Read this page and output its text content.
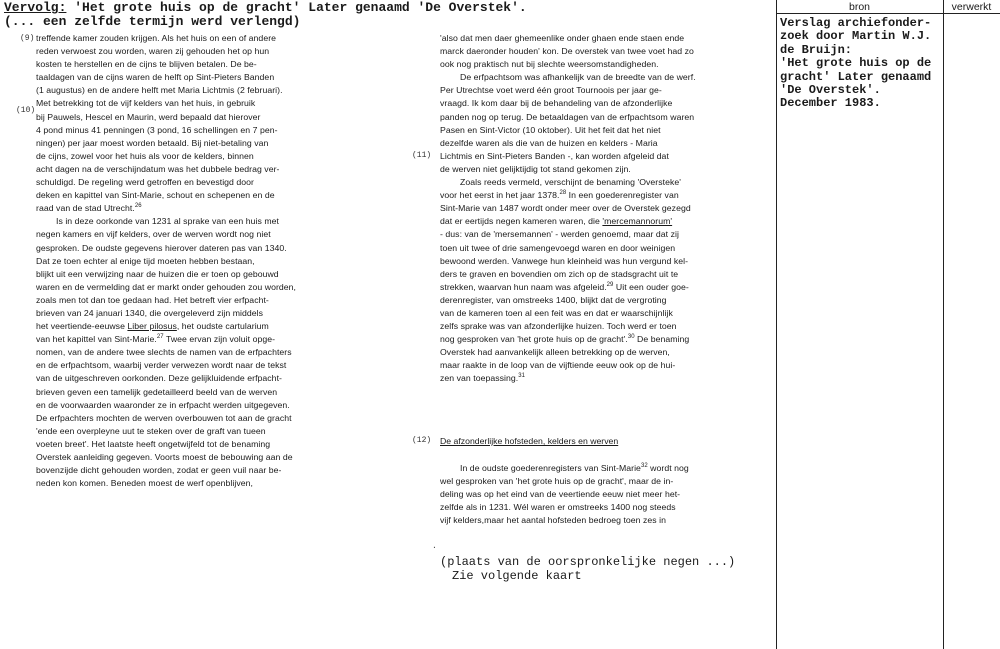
Vervolg: 'Het grote huis op de gracht' Later genaamd 'De Overstek'.
(... een zelfde termijn werd verlengd)
(9)
(10)
(11)
(12)
treffende kamer zouden krijgen. Als het huis on een of andere
reden verwoest zou worden, waren zij gehouden het op hun
kosten te herstellen en de cijns te blijven betalen. De be-
taaldagen van de cijns waren de helft op Sint-Pieters Banden
(1 augustus) en de andere helft met Maria Lichtmis (2 februari).
Met betrekking tot de vijf kelders van het huis, in gebruik
bij Pauwels, Hescel en Maurin, werd bepaald dat hierover
4 pond minus 41 penningen (3 pond, 16 schellingen en 7 pen-
ningen) per jaar moest worden betaald. Bij niet-betaling van
de cijns, zowel voor het huis als voor de kelders, binnen
acht dagen na de verschijndatum was het dubbele bedrag ver-
schuldigd. De regeling werd getroffen en bevestigd door
deken en kapittel van Sint-Marie, schout en schepenen en de
raad van de stad Utrecht.$^{26}$
Is in deze oorkonde van 1231 al sprake van een huis met
negen kamers en vijf kelders, over de werven wordt nog niet
gesproken. De oudste gegevens hierover dateren pas van 1340.
Dat ze toen echter al enige tijd moeten hebben bestaan,
blijkt uit een verwijzing naar de huizen die er toen op gebouwd
waren en de vermelding dat er markt onder gehouden zou worden,
zoals men tot dan toe gedaan had. Het betreft vier erfpacht-
brieven van 24 januari 1340, die overgeleverd zijn middels
het veertiende-eeuwse Liber pilosus, het oudste cartularium
van het kapittel van Sint-Marie.$^{27}$ Twee ervan zijn voluit opge-
nomen, van de andere twee slechts de namen van de erfpachters
en de erfpachtsom, waarbij verder verwezen wordt naar de tekst
van de uitgeschreven oorkonden. Deze gelijkluidende erfpacht-
brieven geven een tamelijk gedetailleerd beeld van de werven
en de voorwaarden waaronder ze in erfpacht werden uitgegeven.
De erfpachters mochten de werven overbouwen tot aan de gracht
'ende een overpleyne uut te steken over de graft van tueen
voeten breet'. Het laatste heeft ongetwijfeld tot de benaming
Overstek aanleiding gegeven. Voorts moest de bebouwing aan de
bovenzijde dicht gehouden worden, zodat er geen vuil naar be-
neden kon komen. Beneden moest de werf openblijven,
'also dat men daer ghemeenlike onder ghaen ende staen ende
marck daeronder houden' kon. De overstek van twee voet had zo
ook nog praktisch nut bij slechte weersomstandigheden.
De erfpachtsom was afhankelijk van de breedte van de werf.
Per Utrechtse voet werd één groot Tournoois per jaar ge-
vraagd. Ik kom daar bij de behandeling van de afzonderlijke
panden nog op terug. De betaaldagen van de erfpachtsom waren
Pasen en Sint-Victor (10 oktober). Uit het feit dat het niet
dezelfde waren als die van de huizen en kelders - Maria
Lichtmis en Sint-Pieters Banden -, kan worden afgeleid dat
de werven niet gelijktijdig tot stand gekomen zijn.
Zoals reeds vermeld, verschijnt de benaming 'Oversteke'
voor het eerst in het jaar 1378.28 In een goederenregister van
Sint-Marie van 1487 wordt onder meer over de Overstek gezegd
dat er eertijds negen kameren waren, die 'mercemannorum'
- dus: van de 'mersemannen' - werden genoemd, maar dat zij
toen uit twee of drie samengevoegd waren en door weinigen
bewoond werden. Vanwege hun kleinheid was hun vergund kel-
ders te graven en bovendien om zich op de stadsgracht uit te
strekken, waarvan hun naam was afgeleid.$^{29}$ Uit een ouder goe-
derenregister, van omstreeks 1400, blijkt dat de vergroting
van de kameren toen al een feit was en dat er waarschijnlijk
zelfs sprake was van afzonderlijke huizen. Toch werd er toen
nog gesproken van 'het grote huis op de gracht'.$^{30}$ De benaming
Overstek had aanvankelijk alleen betrekking op de werven,
maar raakte in de loop van de vijftiende eeuw ook op de hui-
zen van toepassing.$^{31}$
De afzonderlijke hofsteden, kelders en werven
In de oudste goederenregisters van Sint-Marie$^{32}$ wordt nog
wel gesproken van 'het grote huis op de gracht', maar de in-
deling was op het eind van de veertiende eeuw niet meer het-
zelfde als in 1231. Wél waren er omstreeks 1400 nog steeds
vijf kelders,maar het aantal hofsteden bedroeg toen zes in
.
(plaats van de oorspronkelijke negen ...)
Zie volgende kaart
bron	verwerkt
Verslag archiefonder-
zoek door Martin W.J.
de Bruijn:
'Het grote huis op de
gracht' Later genaamd
'De Overstek'.
December 1983.
